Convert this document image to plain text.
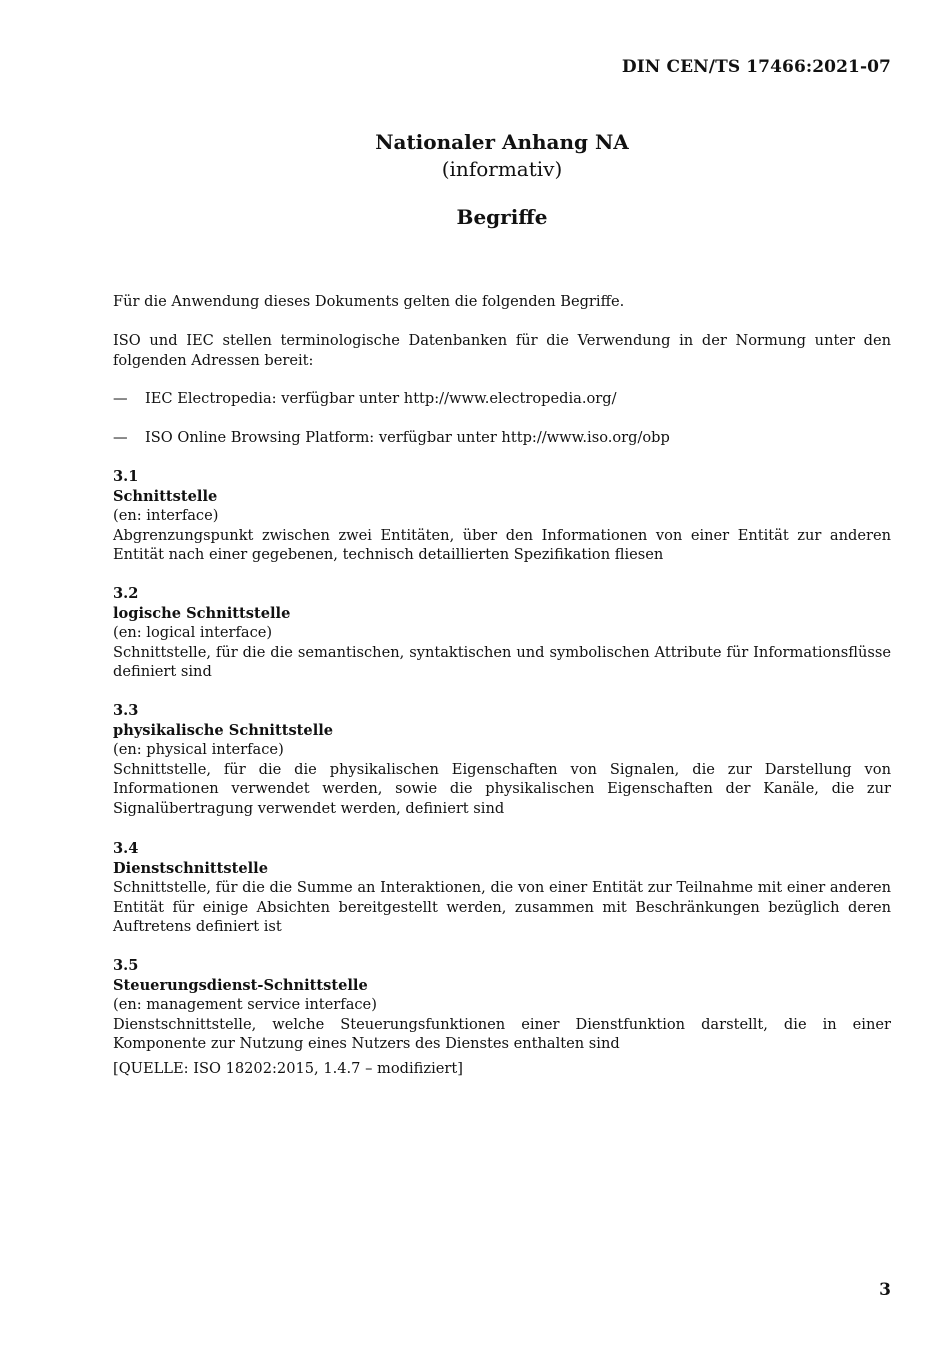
DIN CEN/TS 17466:2021-07
Nationaler Anhang NA
(informativ)
Begriffe
Für die Anwendung dieses Dokuments gelten die folgenden Begriffe.
ISO und IEC stellen terminologische Datenbanken für die Verwendung in der Normung unter den folgenden Adressen bereit:
— IEC Electropedia: verfügbar unter http://www.electropedia.org/
— ISO Online Browsing Platform: verfügbar unter http://www.iso.org/obp
3.1
Schnittstelle
(en: interface)
Abgrenzungspunkt zwischen zwei Entitäten, über den Informationen von einer Entität zur anderen Entität nach einer gegebenen, technisch detaillierten Spezifikation fliesen
3.2
logische Schnittstelle
(en: logical interface)
Schnittstelle, für die die semantischen, syntaktischen und symbolischen Attribute für Informationsflüsse definiert sind
3.3
physikalische Schnittstelle
(en: physical interface)
Schnittstelle, für die die physikalischen Eigenschaften von Signalen, die zur Darstellung von Informationen verwendet werden, sowie die physikalischen Eigenschaften der Kanäle, die zur Signalübertragung verwendet werden, definiert sind
3.4
Dienstschnittstelle
Schnittstelle, für die die Summe an Interaktionen, die von einer Entität zur Teilnahme mit einer anderen Entität für einige Absichten bereitgestellt werden, zusammen mit Beschränkungen bezüglich deren Auftretens definiert ist
3.5
Steuerungsdienst-Schnittstelle
(en: management service interface)
Dienstschnittstelle, welche Steuerungsfunktionen einer Dienstfunktion darstellt, die in einer Komponente zur Nutzung eines Nutzers des Dienstes enthalten sind
[QUELLE: ISO 18202:2015, 1.4.7 – modifiziert]
3
